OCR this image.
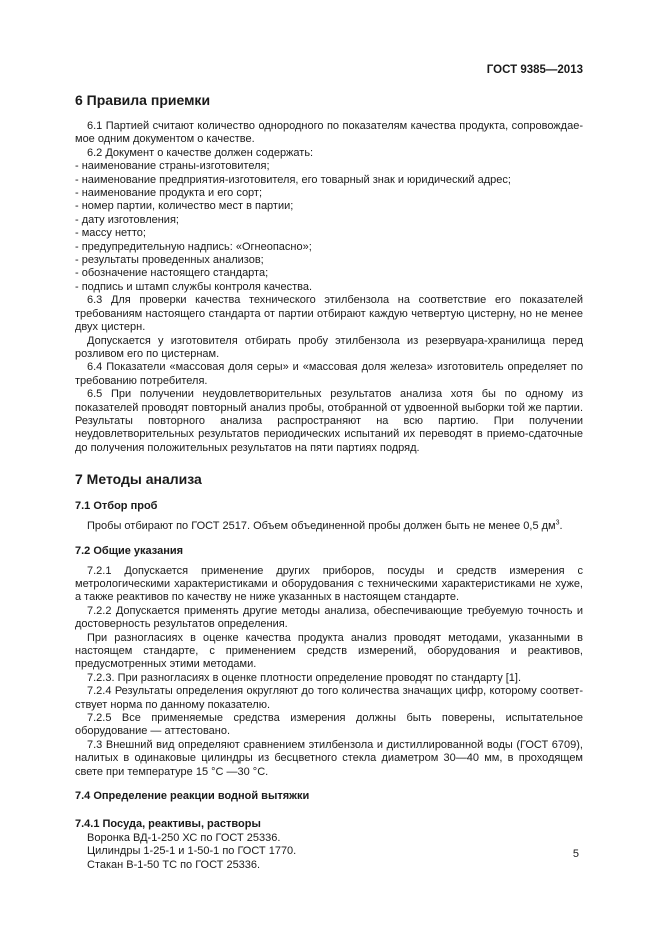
ГОСТ 9385—2013
6 Правила приемки

6.1 Партией считают количество однородного по показателям качества продукта, сопровождаемое одним документом о качестве.

6.2 Документ о качестве должен содержать:

- наименование страны-изготовителя;

- наименование предприятия-изготовителя, его товарный знак и юридический адрес;

- наименование продукта и его сорт;

- номер партии, количество мест в партии;

- дату изготовления;

- массу нетто;

- предупредительную надпись: «Огнеопасно»;

- результаты проведенных анализов;

- обозначение настоящего стандарта;

- подпись и штамп службы контроля качества.

6.3 Для проверки качества технического этилбензола на соответствие его показателей требованиям настоящего стандарта от партии отбирают каждую четвертую цистерну, но не менее двух цистерн.

Допускается у изготовителя отбирать пробу этилбензола из резервуара-хранилища перед розливом его по цистернам.

6.4 Показатели «массовая доля серы» и «массовая доля железа» изготовитель определяет по требованию потребителя.

6.5 При получении неудовлетворительных результатов анализа хотя бы по одному из показателей проводят повторный анализ пробы, отобранной от удвоенной выборки той же партии. Результаты повторного анализа распространяют на всю партию. При получении неудовлетворительных результатов периодических испытаний их переводят в приемо-сдаточные до получения положительных результатов на пяти партиях подряд.

7 Методы анализа
7.1 Отбор проб

Пробы отбирают по ГОСТ 2517. Объем объединенной пробы должен быть не менее 0,5 $дм^3$.

7.2 Общие указания

7.2.1 Допускается применение других приборов, посуды и средств измерения с метрологическими характеристиками и оборудования с техническими характеристиками не хуже, а также реактивов по качеству не ниже указанных в настоящем стандарте.

7.2.2 Допускается применять другие методы анализа, обеспечивающие требуемую точность и достоверность результатов определения.

При разногласиях в оценке качества продукта анализ проводят методами, указанными в настоящем стандарте, с применением средств измерений, оборудования и реактивов, предусмотренных этими методами.

7.2.3. При разногласиях в оценке плотности определение проводят по стандарту [1].

7.2.4 Результаты определения округляют до того количества значащих цифр, которому соответствует норма по данному показателю.

7.2.5 Все применяемые средства измерения должны быть поверены, испытательное оборудование — аттестовано.

7.3 Внешний вид определяют сравнением этилбензола и дистиллированной воды (ГОСТ 6709), налитых в одинаковые цилиндры из бесцветного стекла диаметром 30—40 мм, в проходящем свете при температуре 15 °С —30 °С.

7.4 Определение реакции водной вытяжки
7.4.1 Посуда, реактивы, растворы

Воронка ВД-1-250 ХС по ГОСТ 25336.

Цилиндры 1-25-1 и 1-50-1 по ГОСТ 1770.

Стакан В-1-50 ТС по ГОСТ 25336.

5
